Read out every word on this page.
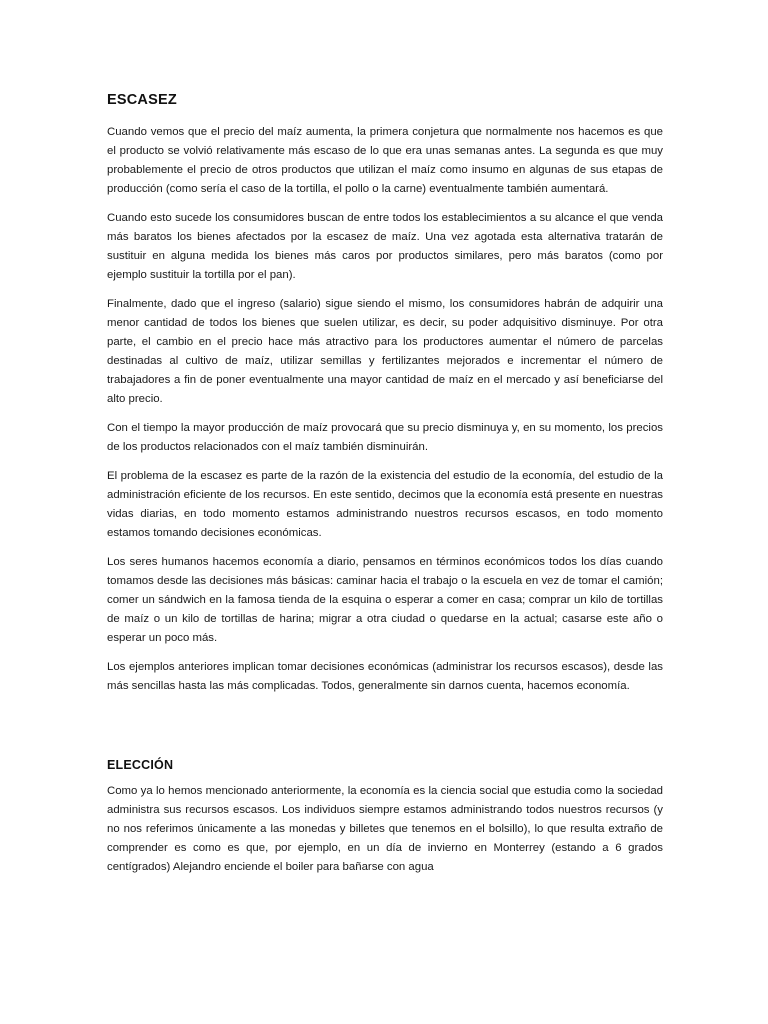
ESCASEZ

Cuando vemos que el precio del maíz aumenta, la primera conjetura que normalmente nos hacemos es que el producto se volvió relativamente más escaso de lo que era unas semanas antes. La segunda es que muy probablemente el precio de otros productos que utilizan el maíz como insumo en algunas de sus etapas de producción (como sería el caso de la tortilla, el pollo o la carne) eventualmente también aumentará.

Cuando esto sucede los consumidores buscan de entre todos los establecimientos a su alcance el que venda más baratos los bienes afectados por la escasez de maíz. Una vez agotada esta alternativa tratarán de sustituir en alguna medida los bienes más caros por productos similares, pero más baratos (como por ejemplo sustituir la tortilla por el pan).

Finalmente, dado que el ingreso (salario) sigue siendo el mismo, los consumidores habrán de adquirir una menor cantidad de todos los bienes que suelen utilizar, es decir, su poder adquisitivo disminuye. Por otra parte, el cambio en el precio hace más atractivo para los productores aumentar el número de parcelas destinadas al cultivo de maíz, utilizar semillas y fertilizantes mejorados e incrementar el número de trabajadores a fin de poner eventualmente una mayor cantidad de maíz en el mercado y así beneficiarse del alto precio.

Con el tiempo la mayor producción de maíz provocará que su precio disminuya y, en su momento, los precios de los productos relacionados con el maíz también disminuirán.

El problema de la escasez es parte de la razón de la existencia del estudio de la economía, del estudio de la administración eficiente de los recursos. En este sentido, decimos que la economía está presente en nuestras vidas diarias, en todo momento estamos administrando nuestros recursos escasos, en todo momento estamos tomando decisiones económicas.

Los seres humanos hacemos economía a diario, pensamos en términos económicos todos los días cuando tomamos desde las decisiones más básicas: caminar hacia el trabajo o la escuela en vez de tomar el camión; comer un sándwich en la famosa tienda de la esquina o esperar a comer en casa; comprar un kilo de tortillas de maíz o un kilo de tortillas de harina; migrar a otra ciudad o quedarse en la actual; casarse este año o esperar un poco más.

Los ejemplos anteriores implican tomar decisiones económicas (administrar los recursos escasos), desde las más sencillas hasta las más complicadas. Todos, generalmente sin darnos cuenta, hacemos economía.

ELECCIÓN

Como ya lo hemos mencionado anteriormente, la economía es la ciencia social que estudia como la sociedad administra sus recursos escasos. Los individuos siempre estamos administrando todos nuestros recursos (y no nos referimos únicamente a las monedas y billetes que tenemos en el bolsillo), lo que resulta extraño de comprender es como es que, por ejemplo, en un día de invierno en Monterrey (estando a 6 grados centígrados) Alejandro enciende el boiler para bañarse con agua
